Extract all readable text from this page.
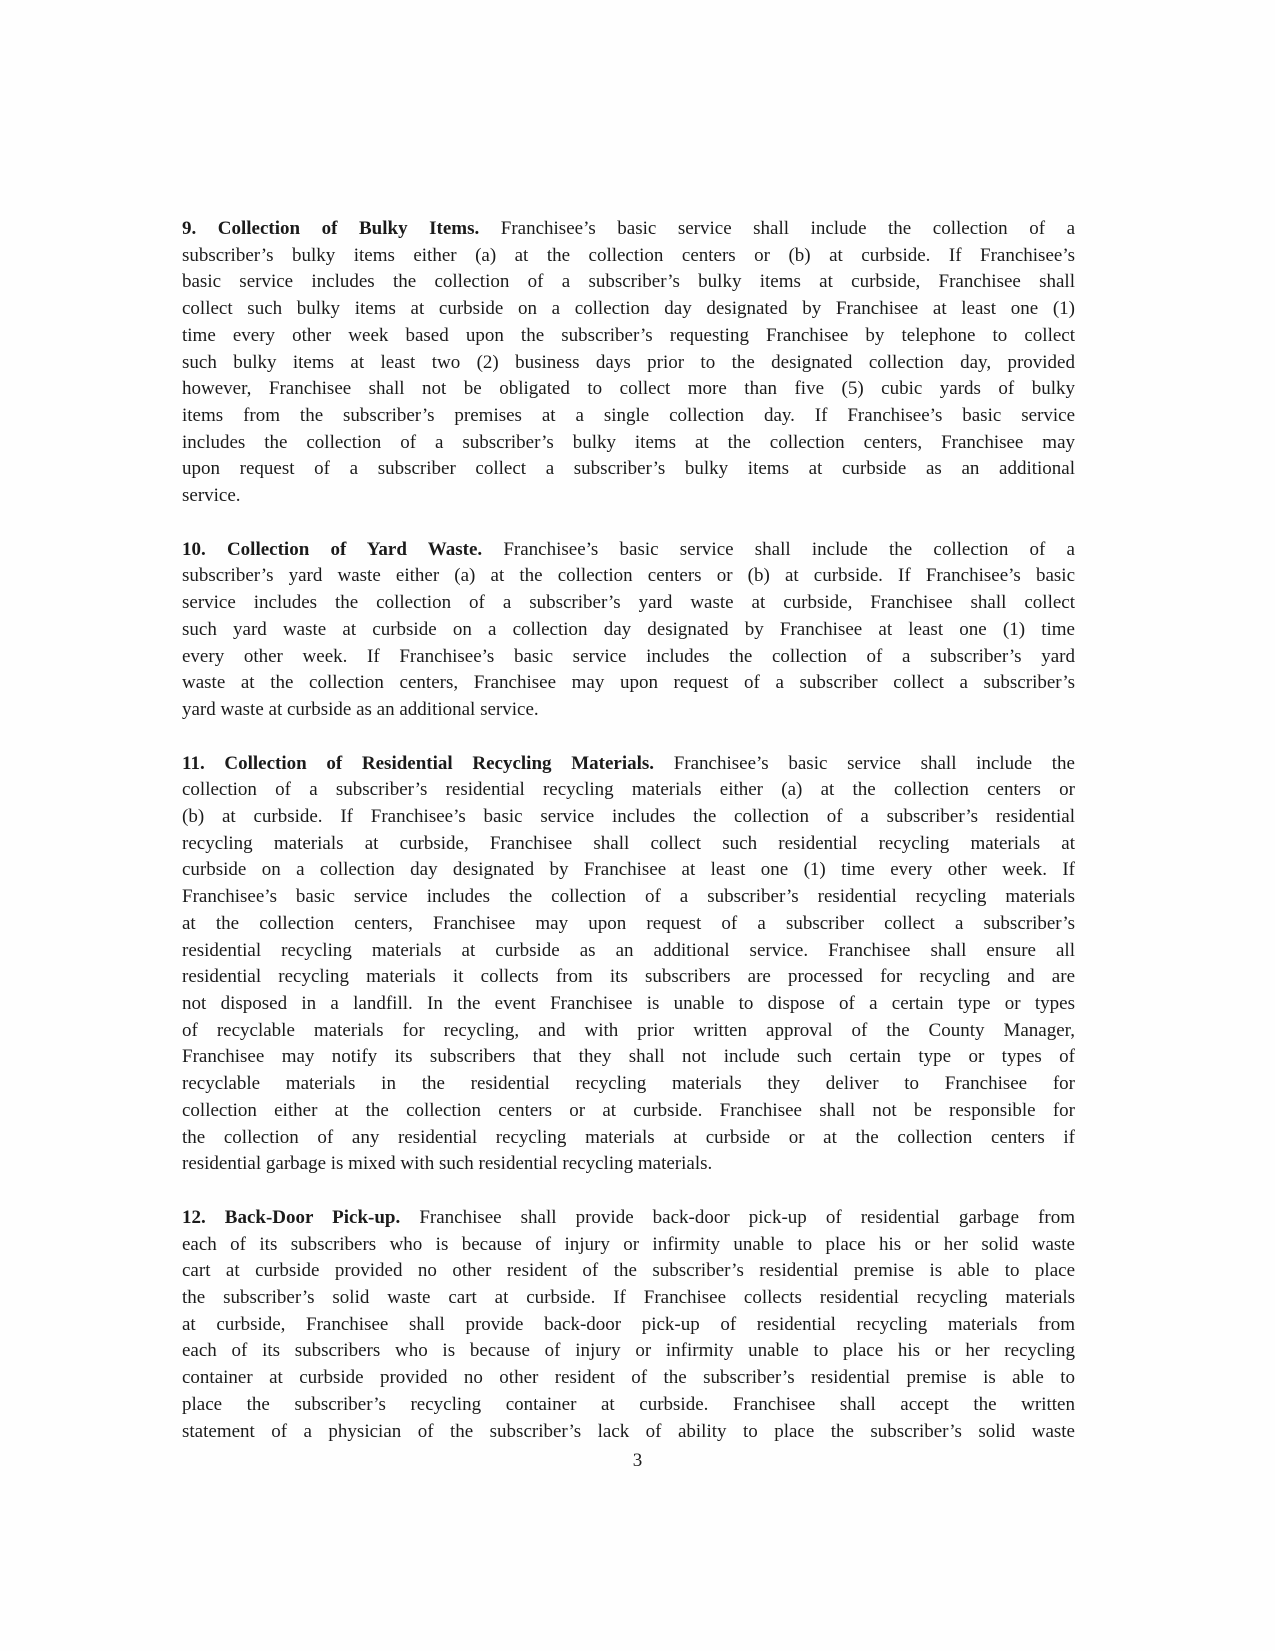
9. Collection of Bulky Items. Franchisee’s basic service shall include the collection of a
subscriber’s bulky items either (a) at the collection centers or (b) at curbside. If Franchisee’s
basic service includes the collection of a subscriber’s bulky items at curbside, Franchisee shall
collect such bulky items at curbside on a collection day designated by Franchisee at least one (1)
time every other week based upon the subscriber’s requesting Franchisee by telephone to collect
such bulky items at least two (2) business days prior to the designated collection day, provided
however, Franchisee shall not be obligated to collect more than five (5) cubic yards of bulky
items from the subscriber’s premises at a single collection day. If Franchisee’s basic service
includes the collection of a subscriber’s bulky items at the collection centers, Franchisee may
upon request of a subscriber collect a subscriber’s bulky items at curbside as an additional
service.
10. Collection of Yard Waste. Franchisee’s basic service shall include the collection of a
subscriber’s yard waste either (a) at the collection centers or (b) at curbside. If Franchisee’s basic
service includes the collection of a subscriber’s yard waste at curbside, Franchisee shall collect
such yard waste at curbside on a collection day designated by Franchisee at least one (1) time
every other week. If Franchisee’s basic service includes the collection of a subscriber’s yard
waste at the collection centers, Franchisee may upon request of a subscriber collect a subscriber’s
yard waste at curbside as an additional service.
11. Collection of Residential Recycling Materials. Franchisee’s basic service shall include the
collection of a subscriber’s residential recycling materials either (a) at the collection centers or
(b) at curbside. If Franchisee’s basic service includes the collection of a subscriber’s residential
recycling materials at curbside, Franchisee shall collect such residential recycling materials at
curbside on a collection day designated by Franchisee at least one (1) time every other week. If
Franchisee’s basic service includes the collection of a subscriber’s residential recycling materials
at the collection centers, Franchisee may upon request of a subscriber collect a subscriber’s
residential recycling materials at curbside as an additional service. Franchisee shall ensure all
residential recycling materials it collects from its subscribers are processed for recycling and are
not disposed in a landfill. In the event Franchisee is unable to dispose of a certain type or types
of recyclable materials for recycling, and with prior written approval of the County Manager,
Franchisee may notify its subscribers that they shall not include such certain type or types of
recyclable materials in the residential recycling materials they deliver to Franchisee for
collection either at the collection centers or at curbside. Franchisee shall not be responsible for
the collection of any residential recycling materials at curbside or at the collection centers if
residential garbage is mixed with such residential recycling materials.
12. Back-Door Pick-up. Franchisee shall provide back-door pick-up of residential garbage from
each of its subscribers who is because of injury or infirmity unable to place his or her solid waste
cart at curbside provided no other resident of the subscriber’s residential premise is able to place
the subscriber’s solid waste cart at curbside. If Franchisee collects residential recycling materials
at curbside, Franchisee shall provide back-door pick-up of residential recycling materials from
each of its subscribers who is because of injury or infirmity unable to place his or her recycling
container at curbside provided no other resident of the subscriber’s residential premise is able to
place the subscriber’s recycling container at curbside. Franchisee shall accept the written
statement of a physician of the subscriber’s lack of ability to place the subscriber’s solid waste
3
